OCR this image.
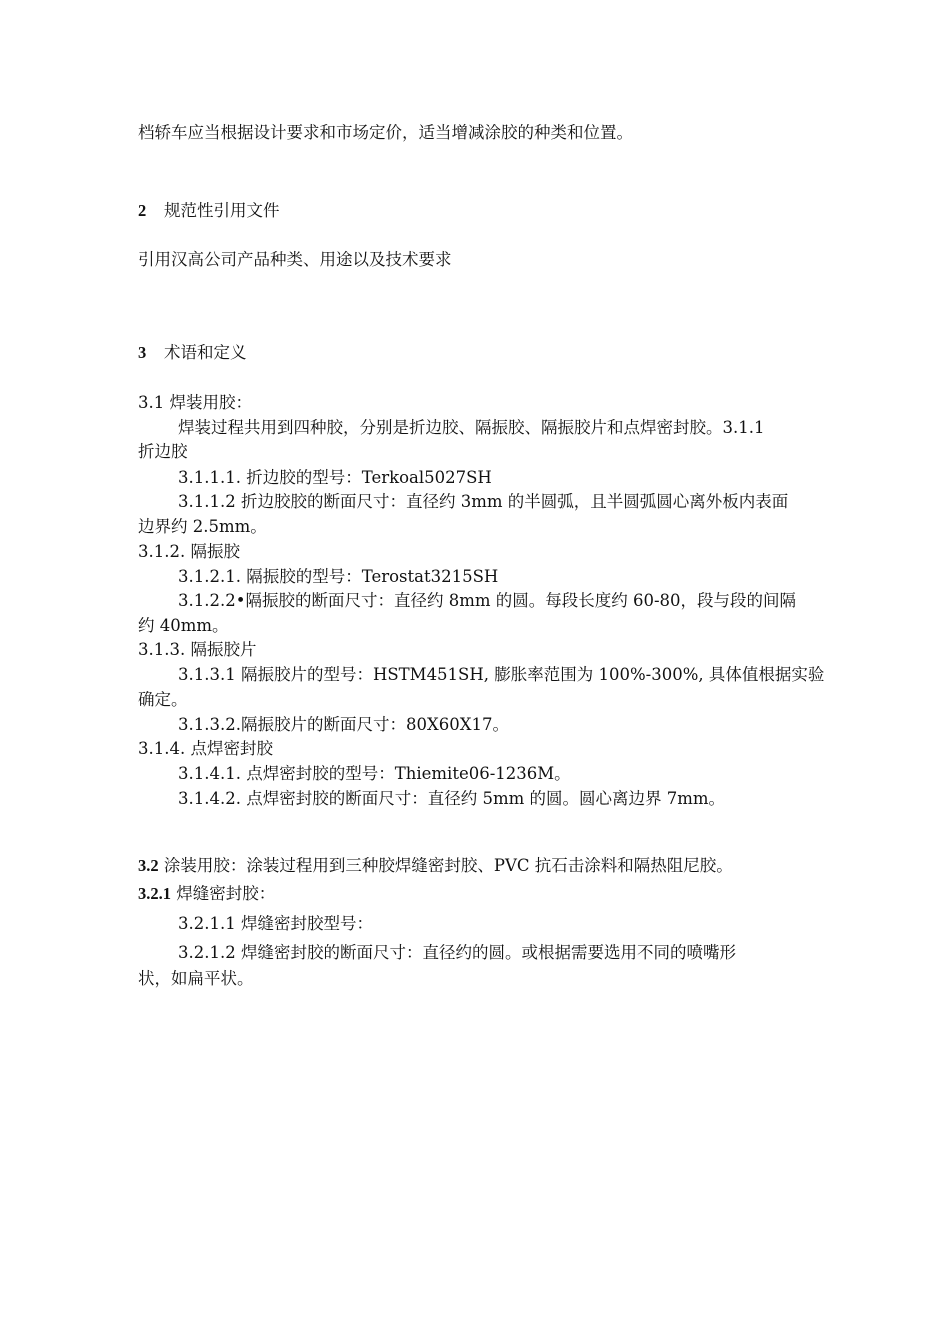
档轿车应当根据设计要求和市场定价，适当增减涂胶的种类和位置。
2 规范性引用文件
引用汉高公司产品种类、用途以及技术要求
3 术语和定义
3.1 焊装用胶：
焊装过程共用到四种胶，分别是折边胶、隔振胶、隔振胶片和点焊密封胶。3.1.1
折边胶
3.1.1.1. 折边胶的型号：Terkoal5027SH
3.1.1.2 折边胶胶的断面尺寸：直径约 3mm 的半圆弧，且半圆弧圆心离外板内表面
边界约 2.5mm。
3.1.2. 隔振胶
3.1.2.1. 隔振胶的型号：Terostat3215SH
3.1.2.2•隔振胶的断面尺寸：直径约 8mm 的圆。每段长度约 60-80，段与段的间隔
约 40mm。
3.1.3. 隔振胶片
3.1.3.1 隔振胶片的型号：HSTM451SH, 膨胀率范围为 100%-300%, 具体值根据实验
确定。
3.1.3.2.隔振胶片的断面尺寸：80X60X17。
3.1.4. 点焊密封胶
3.1.4.1. 点焊密封胶的型号：Thiemite06-1236M。
3.1.4.2. 点焊密封胶的断面尺寸：直径约 5mm 的圆。圆心离边界 7mm。
3.2 涂装用胶：涂装过程用到三种胶焊缝密封胶、PVC 抗石击涂料和隔热阻尼胶。
3.2.1 焊缝密封胶：
3.2.1.1 焊缝密封胶型号：
3.2.1.2 焊缝密封胶的断面尺寸：直径约的圆。或根据需要选用不同的喷嘴形
状，如扁平状。
